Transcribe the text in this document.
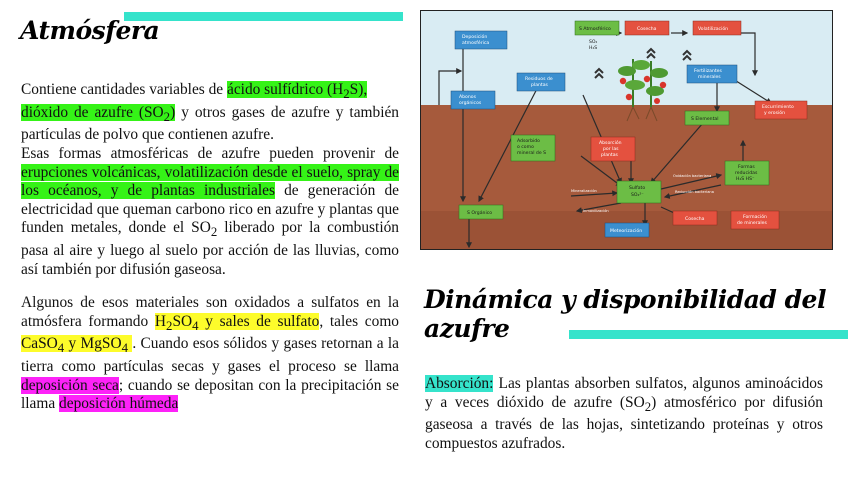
Atmósfera

Contiene cantidades variables de ácido sulfídrico $(H_2S)$,
dióxido de azufre $(SO_2)$ y otros gases de azufre y también partículas de polvo que contienen azufre.
Esas formas atmosféricas de azufre pueden provenir de erupciones volcánicas, volatilización desde el suelo, spray de los océanos, y de plantas industriales de generación de electricidad que queman carbono rico en azufre y plantas que funden metales, donde el $SO_2$ liberado por la combustión pasa al aire y luego al suelo por acción de las lluvias, como así también por difusión gaseosa.

Algunos de esos materiales son oxidados a sulfatos en la atmósfera formando $H_2SO_4$ y sales de sulfato, tales como CaSO$_4$ y MgSO$_4$ . Cuando esos sólidos y gases retornan a la tierra como partículas secas y gases el proceso se llama deposición seca; cuando se depositan con la precipitación se llama deposición húmeda

Dinámica y disponibilidad del azufre

Absorción: Las plantas absorben sulfatos, algunos aminoácidos y a veces dióxido de azufre $(SO_2)$ atmosférico por difusión gaseosa a través de las hojas, sintetizando proteínas y otros compuestos azufrados.

Mineralización
Inmovilización
Oxidación bacteriana
Reducción bacteriana
SO₂
H₂S
Deposición
atmosférica
S Atmosférico	Cosecha	Volatilización
Residuos de
plantas
Fertilizantes
minerales
Abonos
orgánicos
S Elemental
Escurrimiento
y erosión
Adsorbido
o como
mineral de S
Absorción
por las
plantas
Formas
reducidas
H₂S HS⁻
Sulfato
SO₄²⁻
S Orgánico
Cosecha	Formación
de minerales
Meteorización
